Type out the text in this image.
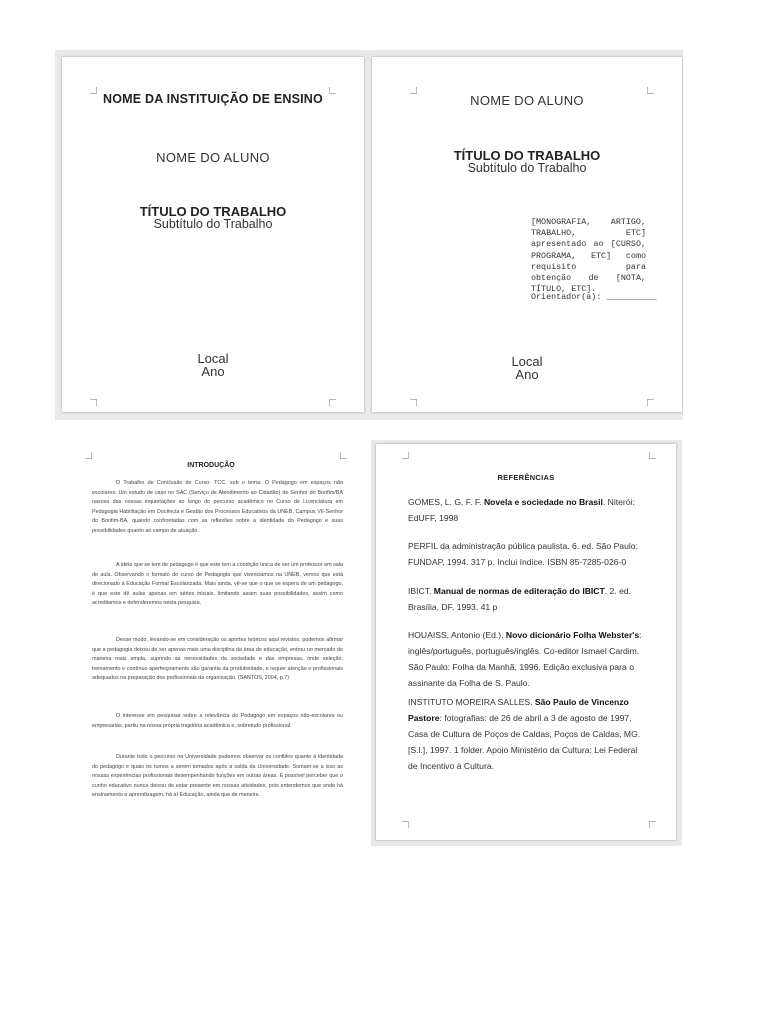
NOME DA INSTITUIÇÃO DE ENSINO
NOME DO ALUNO
TÍTULO DO TRABALHO
Subtítulo do Trabalho
Local
Ano
NOME DO ALUNO
TÍTULO DO TRABALHO
Subtítulo do Trabalho
[MONOGRAFIA, ARTIGO, TRABALHO, ETC] apresentado ao [CURSO, PROGRAMA, ETC] como requisito para obtenção de [NOTA, TÍTULO, ETC].
Orientador(a): __________
Local
Ano
INTRODUÇÃO
O Trabalho de Conclusão de Curso- TCC, sob o tema: O Pedagogo em espaços não escolares: Um estudo de caso no SAC (Serviço de Atendimento ao Cidadão) de Senhor do Bonfim/BA nasceu das nossas inquietações ao longo do percurso acadêmico no Curso de Licenciatura em Pedagogia Habilitação em Docência e Gestão dos Processos Educativos da UNEB, Campus VII-Senhor do Bonfim-BA, quando confrontadas com as reflexões sobre a identidade do Pedagogo e suas possibilidades quanto ao campo de atuação.
A idéia que se tem de pedagogo é que este tem a condição única de ser um professor em sala de aula. Observando o formato do curso de Pedagogia que vivenciamos na UNEB, vemos que está direcionado à Educação Formal Escolarizada. Mais ainda, vê-se que o que se espera de um pedagogo, é que este dê aulas apenas em séries iniciais, limitando assim suas possibilidades, assim como acreditamos e defenderemos nesta pesquisa.
Desse modo, levando-se em consideração os aportes teóricos aqui revistos, podemos afirmar que a pedagogia deixou de ser apenas mais uma disciplina da área de educação, entrou no mercado de maneira mais ampla, suprindo as necessidades da sociedade e das empresas, onde seleção, treinamento e contínuo aperfeiçoamento são garantia da produtividade, e requer atenção e profissionais adequados na preparação dos profissionais da organização. (SANTOS, 2004, p.7)
O interesse em pesquisar sobre a relevância do Pedagogo em espaços não-escolares ou empresarias, partiu na nossa própria trajetória acadêmica e, sobretudo profissional.
Durante todo o percurso na Universidade pudemos observar os conflitos quanto à identidade do pedagogo e quais os rumos a serem tomados após a saída da Universidade. Somam-se a isso as nossas experiências profissionais desempenhando funções em outras áreas. É possível perceber que o cunho educativo nunca deixou de estar presente em nossas atividades, pois entendemos que onde há ensinamento e aprendizagem, há aí Educação, ainda que de maneira
REFERÊNCIAS
GOMES, L. G. F. F. Novela e sociedade no Brasil. Niterói: EdUFF, 1998
PERFIL da administração pública paulista. 6. ed. São Paulo: FUNDAP, 1994. 317 p. Inclui índice. ISBN 85-7285-026-0
IBICT. Manual de normas de editeração do IBICT. 2. ed. Brasília, DF, 1993. 41 p
HOUAISS, Antonio (Ed.). Novo dicionário Folha Webster's: inglês/português, português/inglês. Co-editor Ismael Cardim. São Paulo: Folha da Manhã, 1996. Edição exclusiva para o assinante da Folha de S. Paulo.
INSTITUTO MOREIRA SALLES. São Paulo de Vincenzo Pastore: fotografias: de 26 de abril a 3 de agosto de 1997, Casa de Cultura de Poços de Caldas, Poços de Caldas, MG. [S.l.], 1997. 1 folder. Apoio Ministério da Cultura: Lei Federal de Incentivo à Cultura.
